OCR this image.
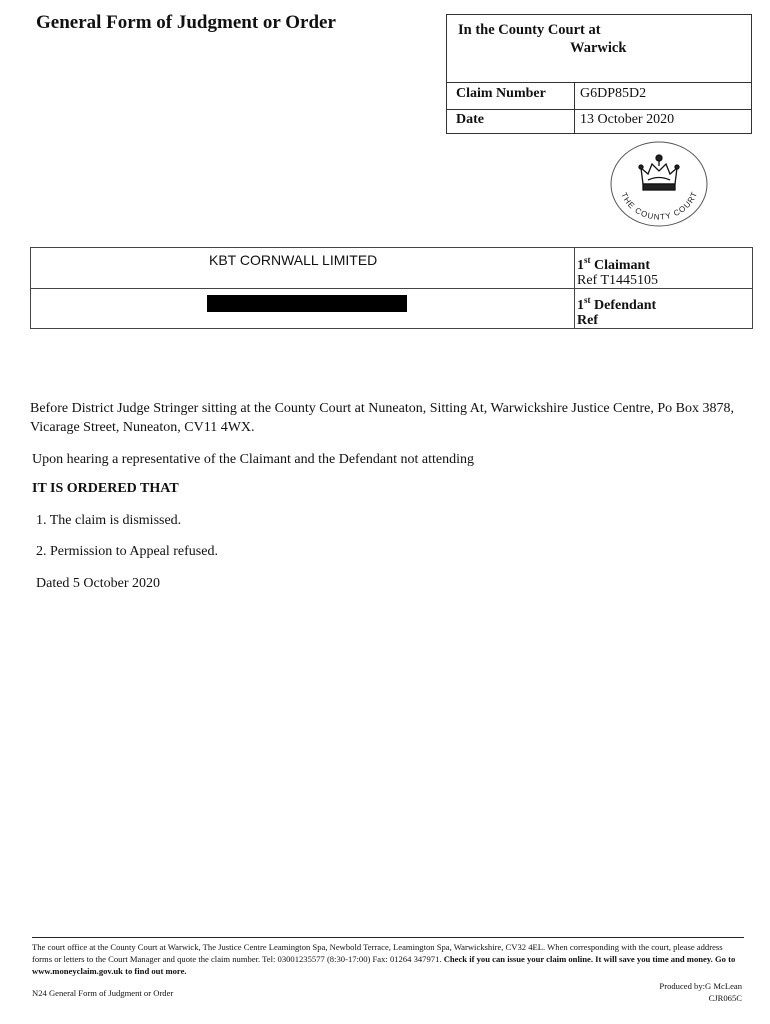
General Form of Judgment or Order	In the County Court at
Warwick
Claim Number G6DP85D2
Date	13 October 2020
THE COUNTY COURT
KBT CORNWALL LIMITED	1st Claimant
Ref T1445105
1st Defendant
Ref
Before District Judge Stringer sitting at the County Court at Nuneaton, Sitting At, Warwickshire Justice Centre, Po Box 3878, Vicarage Street, Nuneaton, CV11 4WX.
Upon hearing a representative of the Claimant and the Defendant not attending
IT IS ORDERED THAT
1. The claim is dismissed.
2. Permission to Appeal refused.
Dated 5 October 2020
The court office at the County Court at Warwick, The Justice Centre Leamington Spa, Newbold Terrace, Leamington Spa, Warwickshire, CV32 4EL. When corresponding with the court, please address forms or letters to the Court Manager and quote the claim number. Tel: 03001235577 (8:30-17:00) Fax: 01264 347971. Check if you can issue your claim online. It will save you time and money. Go to www.moneyclaim.gov.uk to find out more.
N24 General Form of Judgment or Order
Produced by:G McLean
CJR065C
